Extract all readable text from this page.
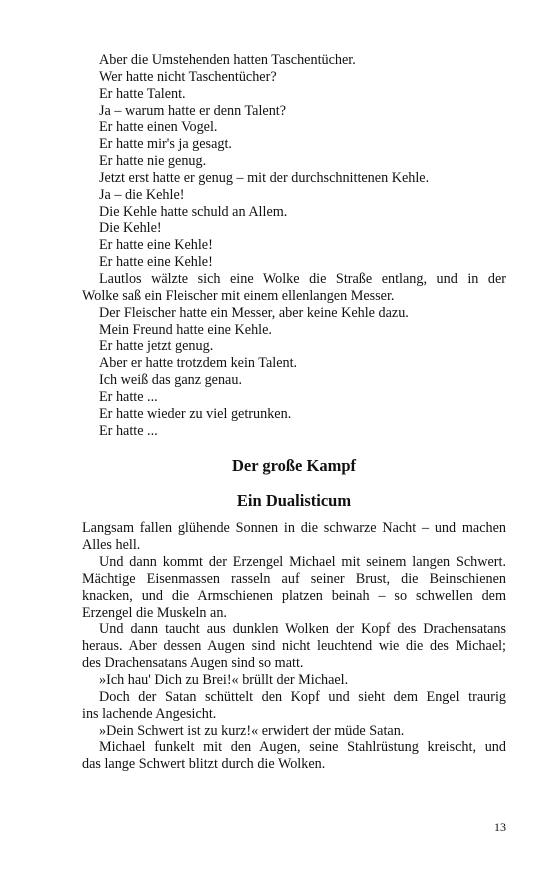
Aber die Umstehenden hatten Taschentücher.
Wer hatte nicht Taschentücher?
Er hatte Talent.
Ja – warum hatte er denn Talent?
Er hatte einen Vogel.
Er hatte mir's ja gesagt.
Er hatte nie genug.
Jetzt erst hatte er genug – mit der durchschnittenen Kehle.
Ja – die Kehle!
Die Kehle hatte schuld an Allem.
Die Kehle!
Er hatte eine Kehle!
Er hatte eine Kehle!
Lautlos wälzte sich eine Wolke die Straße entlang, und in der
Wolke saß ein Fleischer mit einem ellenlangen Messer.
Der Fleischer hatte ein Messer, aber keine Kehle dazu.
Mein Freund hatte eine Kehle.
Er hatte jetzt genug.
Aber er hatte trotzdem kein Talent.
Ich weiß das ganz genau.
Er hatte ...
Er hatte wieder zu viel getrunken.
Er hatte ...
Der große Kampf
Ein Dualisticum
Langsam fallen glühende Sonnen in die schwarze Nacht – und machen
Alles hell.
Und dann kommt der Erzengel Michael mit seinem langen Schwert.
Mächtige Eisenmassen rasseln auf seiner Brust, die Beinschienen
knacken, und die Armschienen platzen beinah – so schwellen dem
Erzengel die Muskeln an.
Und dann taucht aus dunklen Wolken der Kopf des Drachensatans
heraus. Aber dessen Augen sind nicht leuchtend wie die des Michael;
des Drachensatans Augen sind so matt.
»Ich hau' Dich zu Brei!« brüllt der Michael.
Doch der Satan schüttelt den Kopf und sieht dem Engel traurig
ins lachende Angesicht.
»Dein Schwert ist zu kurz!« erwidert der müde Satan.
Michael funkelt mit den Augen, seine Stahlrüstung kreischt, und
das lange Schwert blitzt durch die Wolken.
13
